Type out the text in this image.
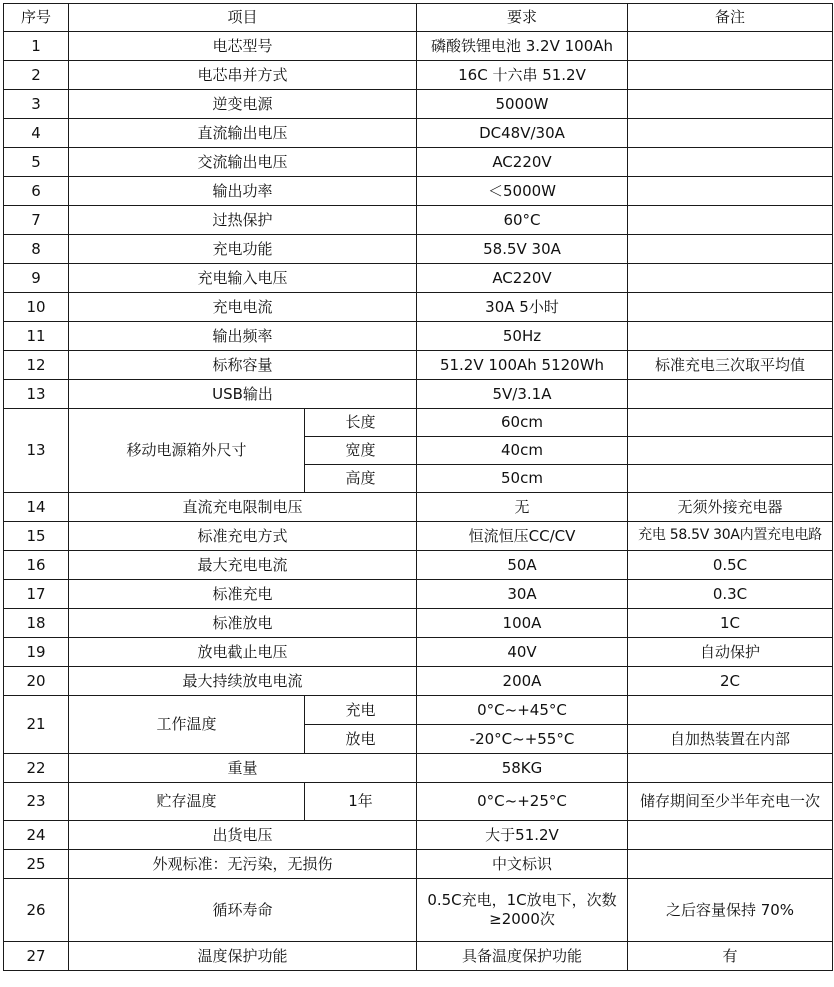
序号	项目		要求	备注
1	电芯型号		磷酸铁锂电池 3.2V 100Ah	
2	电芯串并方式		16C 十六串 51.2V	
3	逆变电源		5000W	
4	直流输出电压		DC48V/30A	
5	交流输出电压		AC220V	
6	输出功率		＜5000W	
7	过热保护		60°C	
8	充电功能		58.5V 30A	
9	充电输入电压		AC220V	
10	充电电流		30A 5小时	
11	输出频率		50Hz	
12	标称容量		51.2V 100Ah 5120Wh	标准充电三次取平均值
13	USB输出		5V/3.1A	
13	移动电源箱外尺寸	长度	60cm	
		宽度	40cm	
		高度	50cm	
14	直流充电限制电压		无	无须外接充电器
15	标准充电方式		恒流恒压CC/CV	充电 58.5V 30A内置充电电路
16	最大充电电流		50A	0.5C
17	标准充电		30A	0.3C
18	标准放电		100A	1C
19	放电截止电压		40V	自动保护
20	最大持续放电电流		200A	2C
21	工作温度	充电	0°C~+45°C	
		放电	-20°C~+55°C	自加热装置在内部
22	重量		58KG	
23	贮存温度	1年	0°C~+25°C	储存期间至少半年充电一次
24	出货电压		大于51.2V	
25	外观标准：无污染，无损伤		中文标识	
26	循环寿命		0.5C充电，1C放电下，次数≥2000次	之后容量保持 70%
27	温度保护功能		具备温度保护功能	有
